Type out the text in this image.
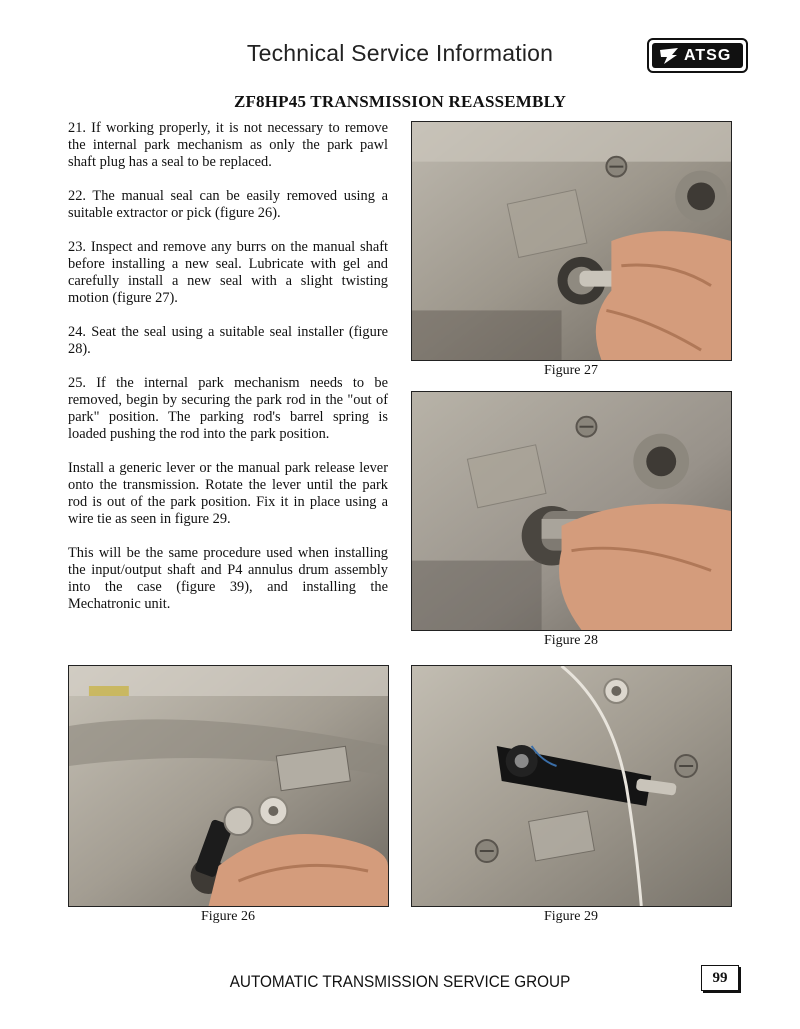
Technical Service Information	ATSG
ZF8HP45 TRANSMISSION REASSEMBLY

21. If working properly, it is not necessary to remove the internal park mechanism as only the park pawl shaft plug has a seal to be replaced.

22. The manual seal can be easily removed using a suitable extractor or pick (figure 26).

23. Inspect and remove any burrs on the manual shaft before installing a new seal. Lubricate with gel and carefully install a new seal with a slight twisting motion (figure 27).

24. Seat the seal using a suitable seal installer (figure 28).

25. If the internal park mechanism needs to be removed, begin by securing the park rod in the "out of park" position. The parking rod's barrel spring is loaded pushing the rod into the park position.

Install a generic lever or the manual park release lever onto the transmission. Rotate the lever until the park rod is out of the park position. Fix it in place using a wire tie as seen in figure 29.

This will be the same procedure used when installing the input/output shaft and P4 annulus drum assembly into the case (figure 39), and installing the Mechatronic unit.

Figure 27
Figure 28
Figure 26	Figure 29
AUTOMATIC TRANSMISSION SERVICE GROUP	99
